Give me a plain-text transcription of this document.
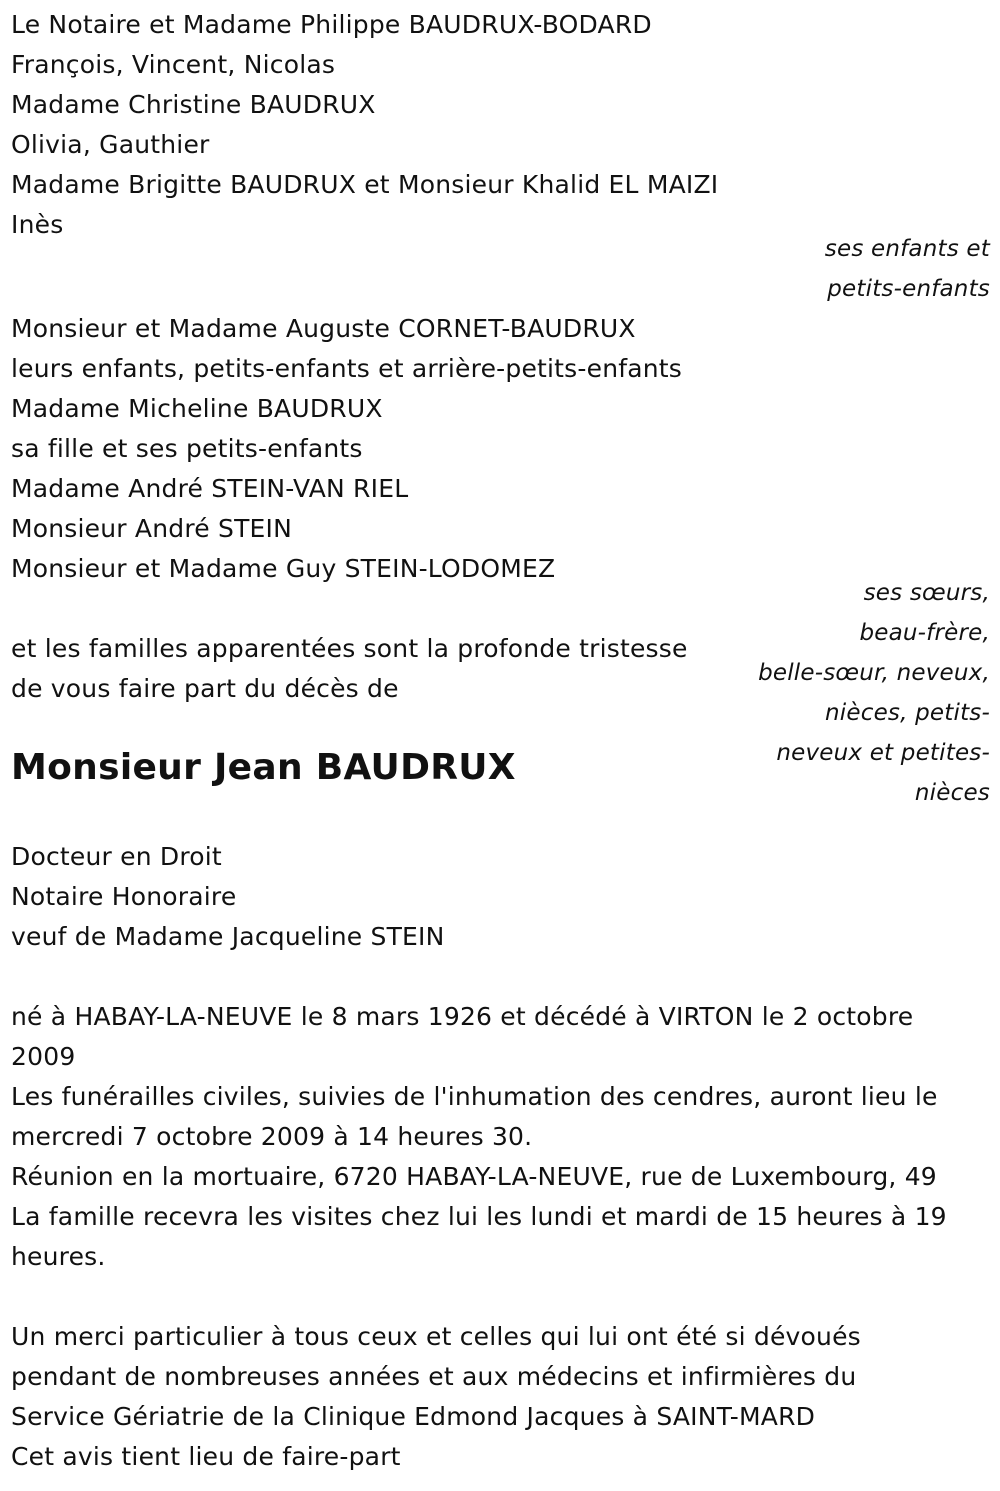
Le Notaire et Madame Philippe BAUDRUX-BODARD
François, Vincent, Nicolas
Madame Christine BAUDRUX
Olivia, Gauthier
Madame Brigitte BAUDRUX et Monsieur Khalid EL MAIZI
Inès
ses enfants et
petits-enfants
Monsieur et Madame Auguste CORNET-BAUDRUX
leurs enfants, petits-enfants et arrière-petits-enfants
Madame Micheline BAUDRUX
sa fille et ses petits-enfants
Madame André STEIN-VAN RIEL
Monsieur André STEIN
Monsieur et Madame Guy STEIN-LODOMEZ
ses sœurs,
beau-frère,
belle-sœur, neveux,
nièces, petits-
neveux et petites-
nièces
et les familles apparentées sont la profonde tristesse
de vous faire part du décès de
Monsieur Jean BAUDRUX
Docteur en Droit
Notaire Honoraire
veuf de Madame Jacqueline STEIN
né à HABAY-LA-NEUVE le 8 mars 1926 et décédé à VIRTON le 2 octobre 2009
Les funérailles civiles, suivies de l'inhumation des cendres, auront lieu le mercredi 7 octobre 2009 à 14 heures 30.
Réunion en la mortuaire, 6720 HABAY-LA-NEUVE, rue de Luxembourg, 49
La famille recevra les visites chez lui les lundi et mardi de 15 heures à 19 heures.
Un merci particulier à tous ceux et celles qui lui ont été si dévoués
pendant de nombreuses années et aux médecins et infirmières du
Service Gériatrie de la Clinique Edmond Jacques à SAINT-MARD
Cet avis tient lieu de faire-part
